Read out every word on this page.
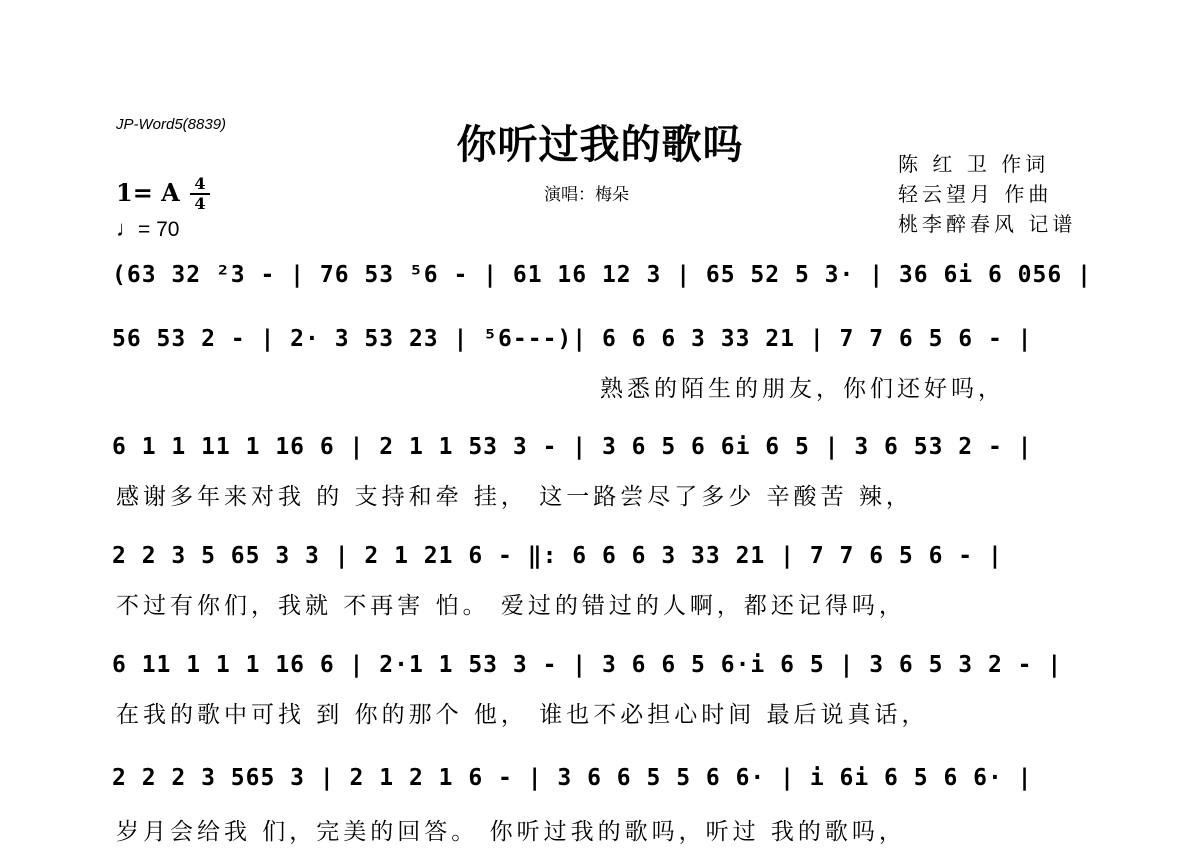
JP-Word5(8839)	你听过我的歌吗
演唱：梅朵
陈 红 卫 作词
轻云望月 作曲
桃李醉春风 记谱
1= A 4
4
♩= 70
(63 32 ²3 - | 76 53 ⁵6 - | 61 16 12 3 | 65 52 5 3· | 36 6i 6 056 |
56 53 2 - | 2· 3 53 23 | ⁵6---)| 6 6 6 3 33 21 | 7 7 6 5 6 - |
熟悉的陌生的朋友，你们还好吗，
6 1 1 11 1 16 6 | 2 1 1 53 3 - | 3 6 5 6 6i 6 5 | 3 6 53 2 - |
感谢多年来对我 的 支持和牵 挂， 这一路尝尽了多少 辛酸苦 辣，
2 2 3 5 65 3 3 | 2 1 21 6 - ‖: 6 6 6 3 33 21 | 7 7 6 5 6 - |
不过有你们，我就 不再害 怕。 爱过的错过的人啊，都还记得吗，
6 11 1 1 1 16 6 | 2·1 1 53 3 - | 3 6 6 5 6·i 6 5 | 3 6 5 3 2 - |
在我的歌中可找 到 你的那个 他， 谁也不必担心时间 最后说真话，
2 2 2 3 565 3 | 2 1 2 1 6 - | 3 6 6 5 5 6 6· | i 6i 6 5 6 6· |
岁月会给我 们，完美的回答。 你听过我的歌吗，听过 我的歌吗，
